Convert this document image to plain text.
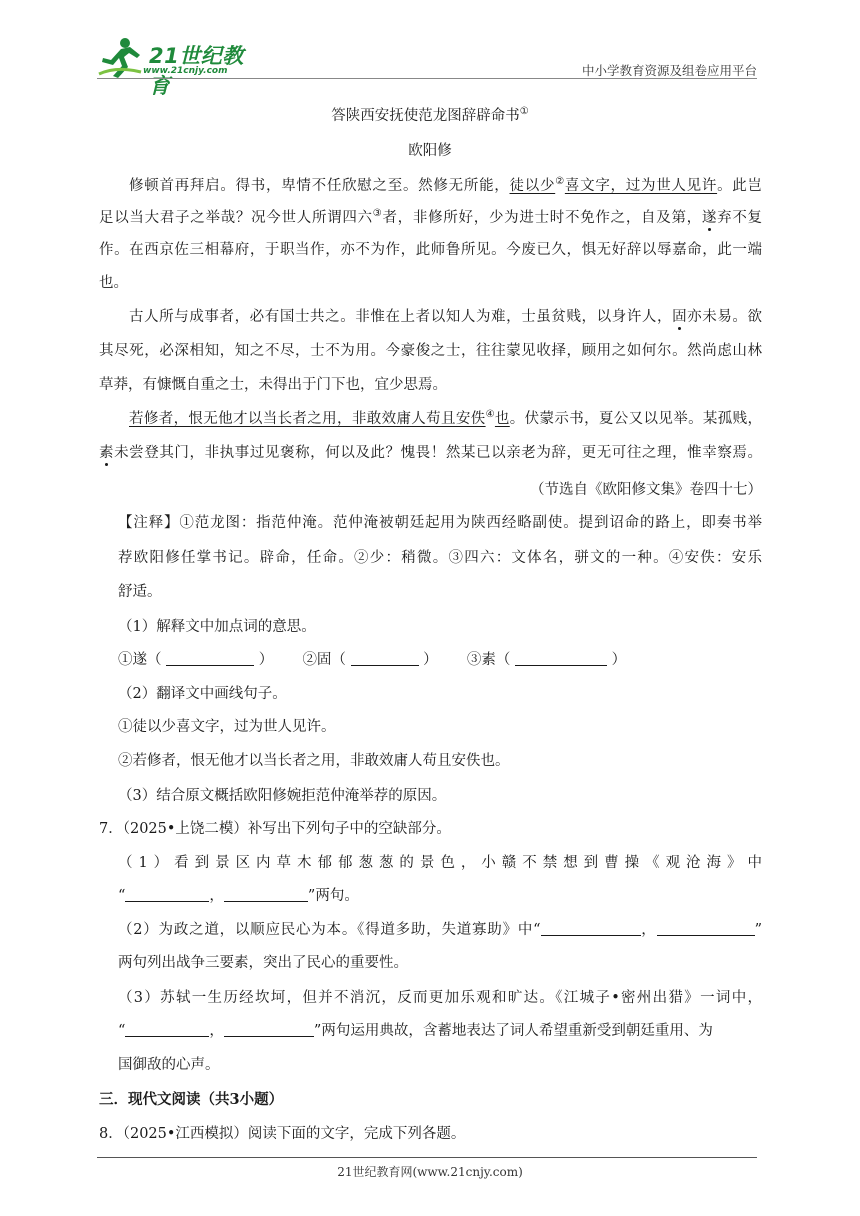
21世纪教育
www.21cnjy.com	中小学教育资源及组卷应用平台
答陕西安抚使范龙图辞辟命书①
欧阳修
修顿首再拜启。得书，卑情不任欣慰之至。然修无所能，徒以少②喜文字，过为世人见许。此岂
足以当大君子之举哉？况今世人所谓四六③者，非修所好，少为进士时不免作之，自及第，遂弃不复
作。在西京佐三相幕府，于职当作，亦不为作，此师鲁所见。今废已久，惧无好辞以辱嘉命，此一端
也。
古人所与成事者，必有国士共之。非惟在上者以知人为难，士虽贫贱，以身许人，固亦未易。欲
其尽死，必深相知，知之不尽，士不为用。今豪俊之士，往往蒙见收择，顾用之如何尔。然尚虑山林
草莽，有慷慨自重之士，未得出于门下也，宜少思焉。
若修者，恨无他才以当长者之用，非敢效庸人苟且安佚④也。伏蒙示书，夏公又以见举。某孤贱，
素未尝登其门，非执事过见褒称，何以及此？愧畏！然某已以亲老为辞，更无可往之理，惟幸察焉。
（节选自《欧阳修文集》卷四十七）
【注释】①范龙图：指范仲淹。范仲淹被朝廷起用为陕西经略副使。提到诏命的路上，即奏书举
荐欧阳修任掌书记。辟命，任命。②少：稍微。③四六：文体名，骈文的一种。④安佚：安乐
舒适。
（1）解释文中加点词的意思。
①遂（	） ②固（	） ③素（	）
（2）翻译文中画线句子。
①徒以少喜文字，过为世人见许。
②若修者，恨无他才以当长者之用，非敢效庸人苟且安佚也。
（3）结合原文概括欧阳修婉拒范仲淹举荐的原因。
7．（2025•上饶二模）补写出下列句子中的空缺部分。
（1）看到景区内草木郁郁葱葱的景色，小赣不禁想到曹操《观沧海》中
“	，	”两句。
（2）为政之道，以顺应民心为本。《得道多助，失道寡助》中“	，	”
两句列出战争三要素，突出了民心的重要性。
（3）苏轼一生历经坎坷，但并不消沉，反而更加乐观和旷达。《江城子•密州出猎》一词中，
“	，	”两句运用典故，含蓄地表达了词人希望重新受到朝廷重用、为
国御敌的心声。
三．现代文阅读（共3小题）
8．（2025•江西模拟）阅读下面的文字，完成下列各题。
21世纪教育网(www.21cnjy.com)
